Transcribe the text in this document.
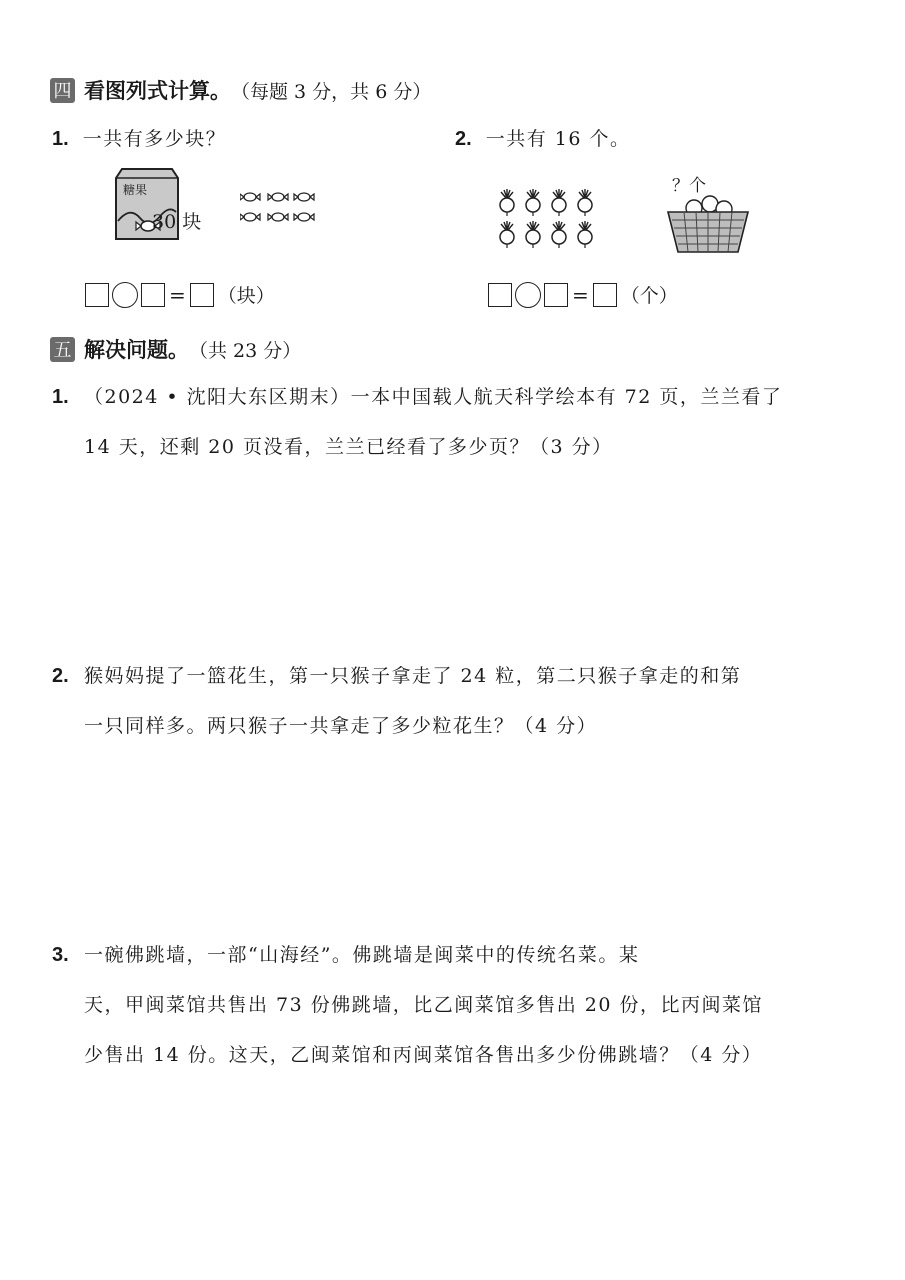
四 看图列式计算。 （每题 3 分，共 6 分）
1. 一共有多少块？
糖果
30 块
= （块）
2. 一共有 16 个。
？个
= （个）
五 解决问题。 （共 23 分）
1. （2024 • 沈阳大东区期末）一本中国载人航天科学绘本有 72 页，兰兰看了
14 天，还剩 20 页没看，兰兰已经看了多少页？（3 分）
2. 猴妈妈提了一篮花生，第一只猴子拿走了 24 粒，第二只猴子拿走的和第
一只同样多。两只猴子一共拿走了多少粒花生？（4 分）
3. 一碗佛跳墙，一部“山海经”。佛跳墙是闽菜中的传统名菜。某
天，甲闽菜馆共售出 73 份佛跳墙，比乙闽菜馆多售出 20 份，比丙闽菜馆
少售出 14 份。这天，乙闽菜馆和丙闽菜馆各售出多少份佛跳墙？（4 分）
